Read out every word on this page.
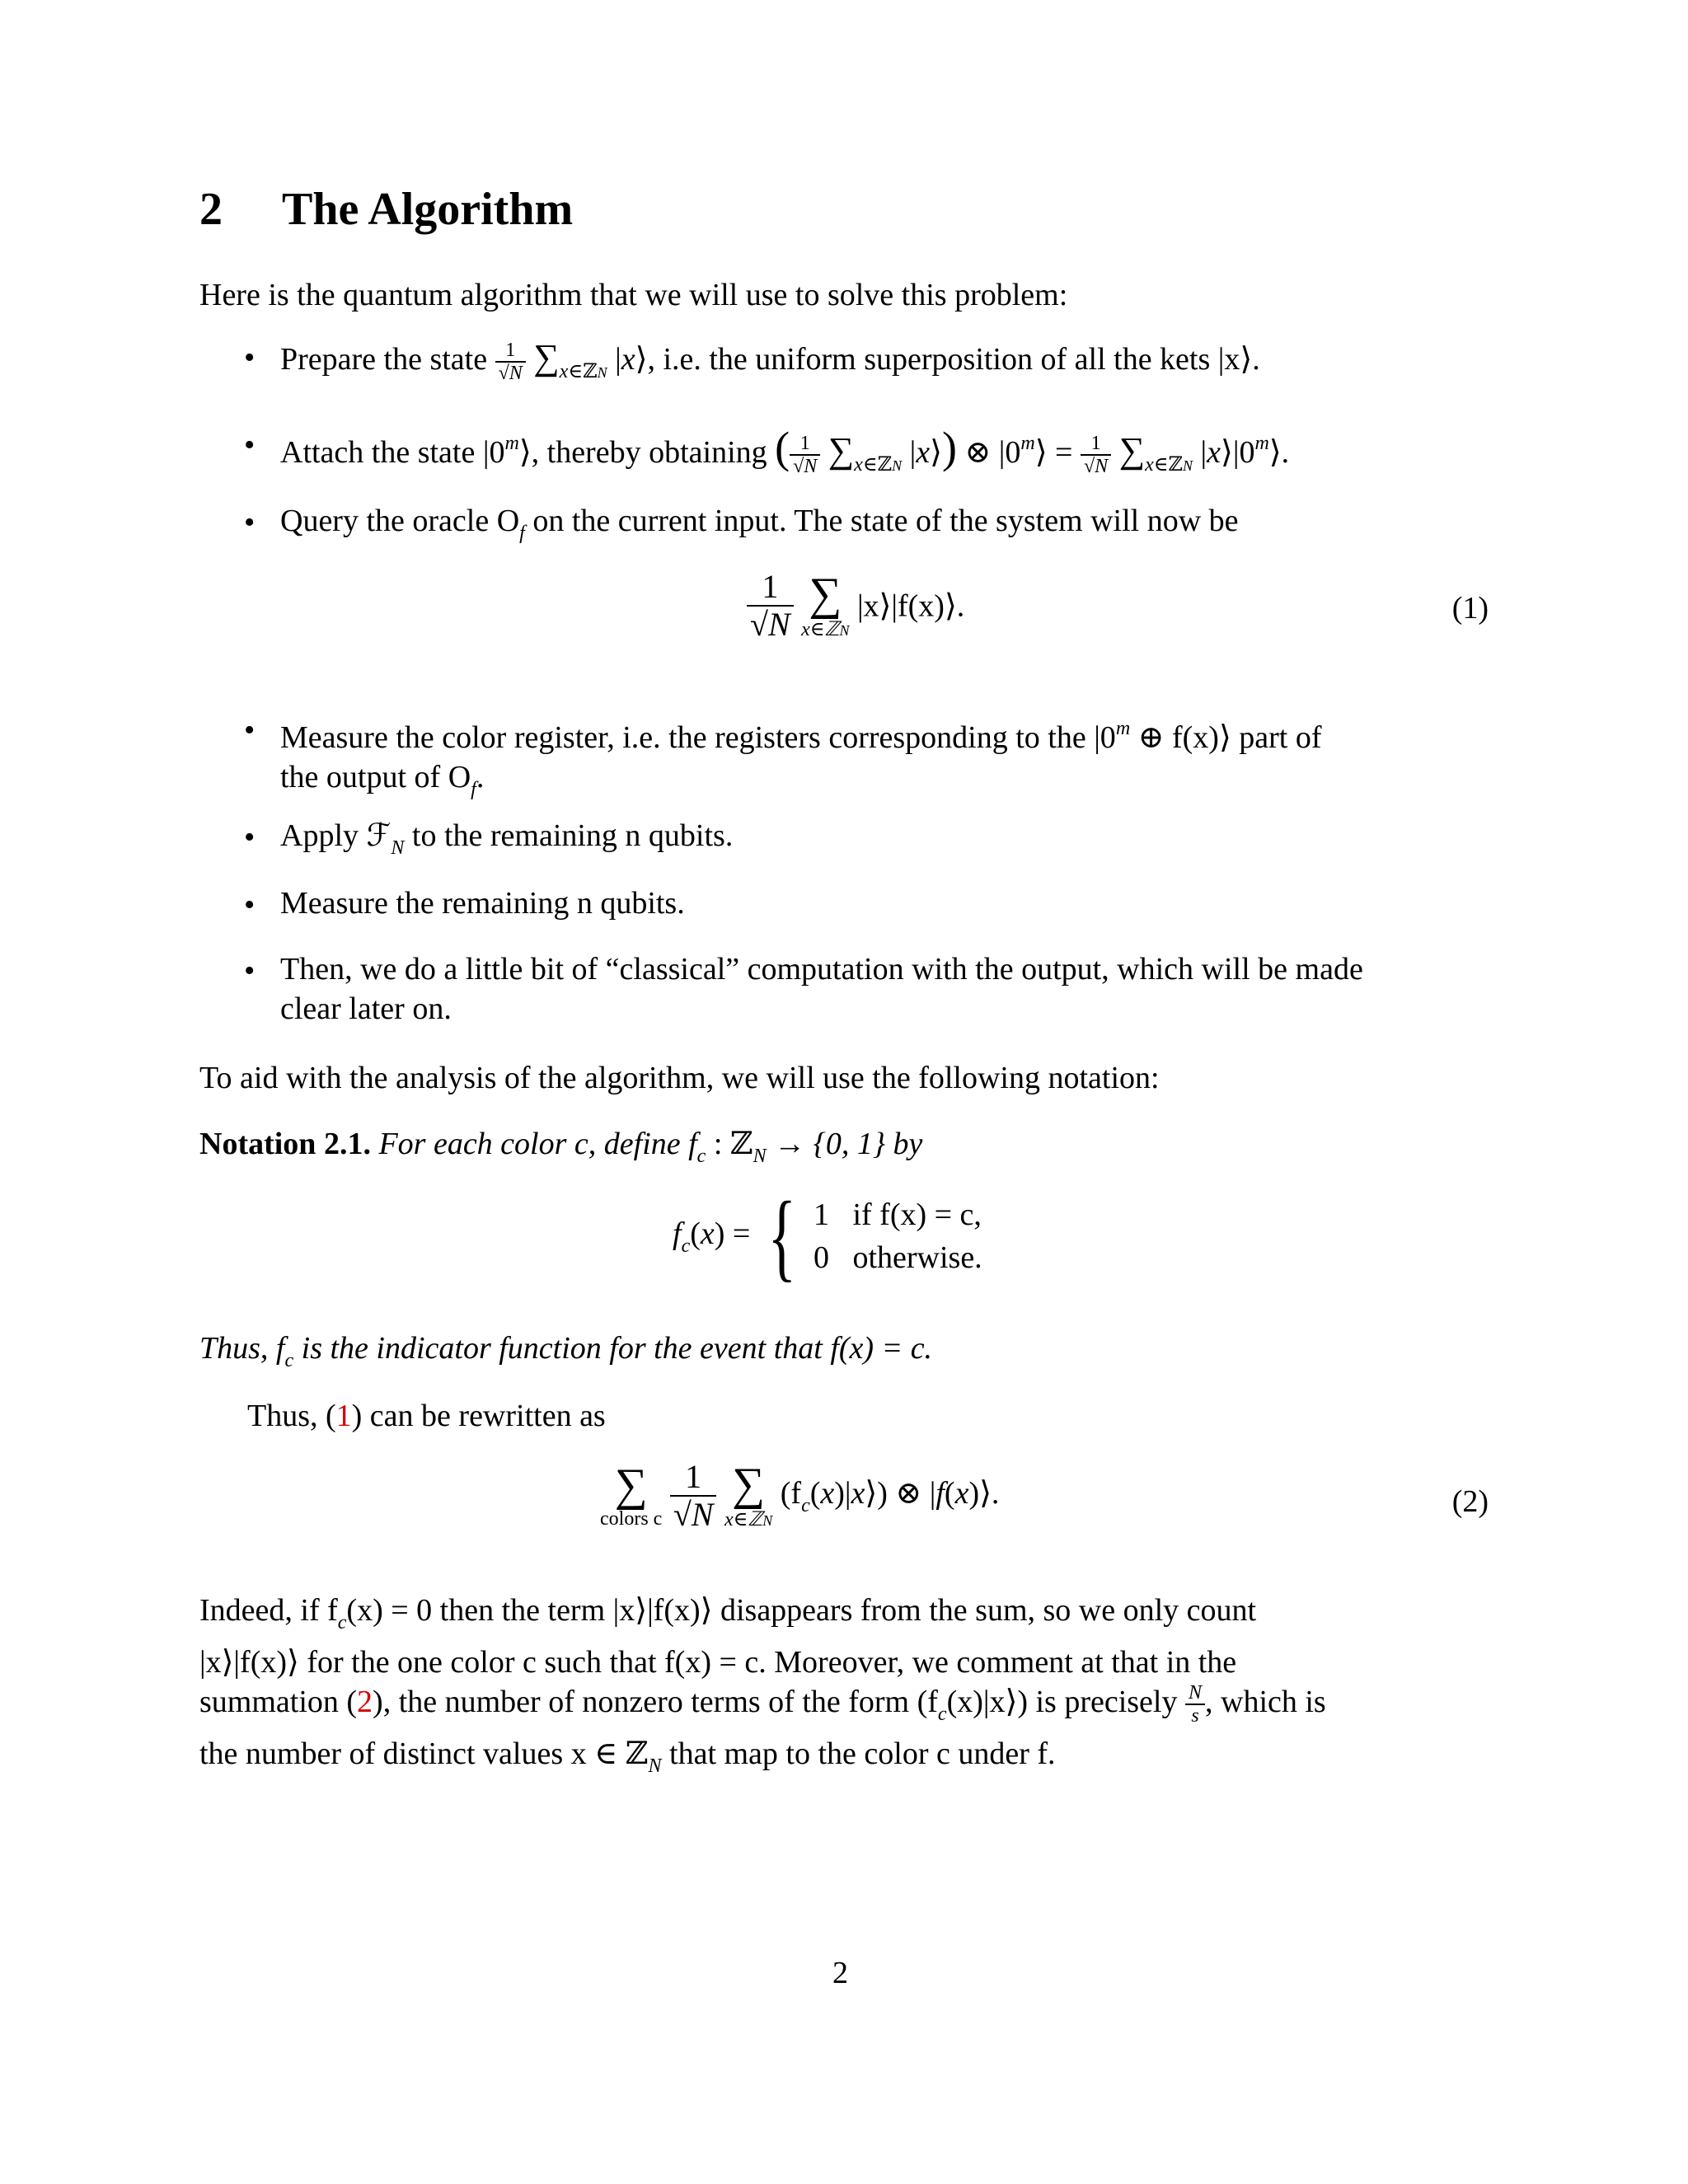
2 The Algorithm
Here is the quantum algorithm that we will use to solve this problem:
• Prepare the state $\frac{1}{√N} \sum_{x\in ℤN}$ |x⟩, i.e. the uniform superposition of all the kets |x⟩.
• Attach the state |0$^m$⟩, thereby obtaining ( $\frac{1}{√N} \sum_{x\in ℤN}$ |x⟩) ⊗ $|0^m⟩ = \frac{1}{√N} \sum_{x\in ℤN}$ |x⟩|0$^m$⟩.
• Query the oracle $O_f$ on the current input. The state of the system will now be
$\frac{1}{√N}$ ∑
x∈ℤN
|x⟩|f(x)⟩.	(1)
• Measure the color register, i.e. the registers corresponding to the |0$^m$ ⊕ f(x)⟩ part of
the output of $O_f$.
• Apply ℱ$_N$ to the remaining n qubits.
• Measure the remaining n qubits.
• Then, we do a little bit of “classical” computation with the output, which will be made
clear later on.
To aid with the analysis of the algorithm, we will use the following notation:
Notation 2.1. For each color c, define $f_c$ : ℤ$_N$ → {0, 1} by
$f_c(x)$ = { 1 if f(x) = c,
0 otherwise.
Thus, $f_c$ is the indicator function for the event that f(x) = c.
Thus, (1) can be rewritten as
∑
colors c
$\frac{1}{√N}$ ∑
x∈ℤN
$(f_c(x)|x⟩)$ ⊗ |f(x)⟩.	(2)
Indeed, if $f_c(x) = 0$ then the term |x⟩|f(x)⟩ disappears from the sum, so we only count
|x⟩|f(x)⟩ for the one color c such that f(x) = c. Moreover, we comment at that in the
summation (2), the number of nonzero terms of the form $(f_c(x)|x⟩)$ is precisely $\frac{N}{s}$ , which is
the number of distinct values x ∈ ℤ$_N$ that map to the color c under f.
2
